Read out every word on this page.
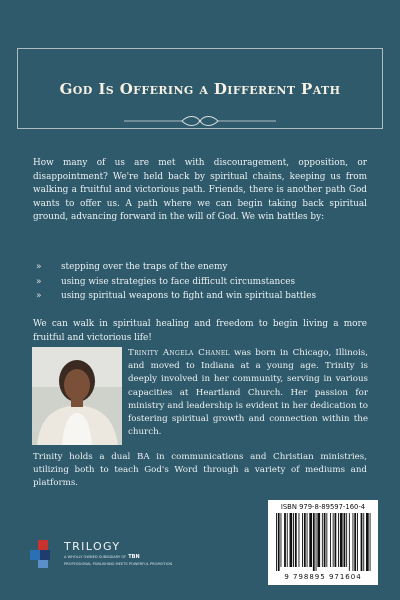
God Is Offering a Different Path

How many of us are met with discouragement, opposition, or disappointment? We're held back by spiritual chains, keeping us from walking a fruitful and victorious path. Friends, there is another path God wants to offer us. A path where we can begin taking back spiritual ground, advancing forward in the will of God. We win battles by:

»	stepping over the traps of the enemy
»	using wise strategies to face difficult circumstances
»	using spiritual weapons to fight and win spiritual battles

We can walk in spiritual healing and freedom to begin living a more fruitful and victorious life!

Trinity Angela Chanel was born in Chicago, Illinois, and moved to Indiana at a young age. Trinity is deeply involved in her community, serving in various capacities at Heartland Church. Her passion for ministry and leadership is evident in her dedication to fostering spiritual growth and connection within the church.

Trinity holds a dual BA in communications and Christian ministries, utilizing both to teach God's Word through a variety of mediums and platforms.

ISBN 979-8-89597-160-4
9 798895 971604
TRILOGY
A WHOLLY OWNED SUBSIDIARY OF TBN
PROFESSIONAL PUBLISHING MEETS POWERFUL PROMOTION
